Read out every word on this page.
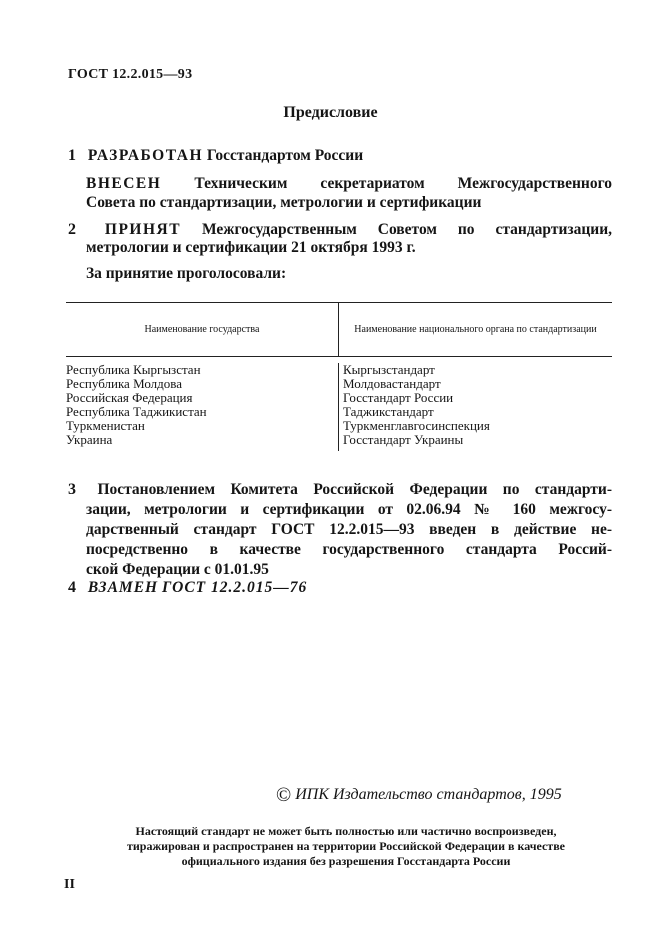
ГОСТ 12.2.015—93
Предисловие
1 РАЗРАБОТАН Госстандартом России
ВНЕСЕН Техническим секретариатом Межгосударственного
Совета по стандартизации, метрологии и сертификации
2 ПРИНЯТ Межгосударственным Советом по стандартизации,
метрологии и сертификации 21 октября 1993 г.
За принятие проголосовали:
Наименование государства	Наименование национального органа по стандартизации
Республика Кыргызстан
Республика Молдова
Российская Федерация
Республика Таджикистан
Туркменистан
Украина
Кыргызстандарт
Молдовастандарт
Госстандарт России
Таджикстандарт
Туркменглавгосинспекция
Госстандарт Украины
3 Постановлением Комитета Российской Федерации по стандарти-
зации, метрологии и сертификации от 02.06.94 № 160 межгосу-
дарственный стандарт ГОСТ 12.2.015—93 введен в действие не-
посредственно в качестве государственного стандарта Россий-
ской Федерации с 01.01.95
4 ВЗАМЕН ГОСТ 12.2.015—76
© ИПК Издательство стандартов, 1995
Настоящий стандарт не может быть полностью или частично воспроизведен,
тиражирован и распространен на территории Российской Федерации в качестве
официального издания без разрешения Госстандарта России
II
